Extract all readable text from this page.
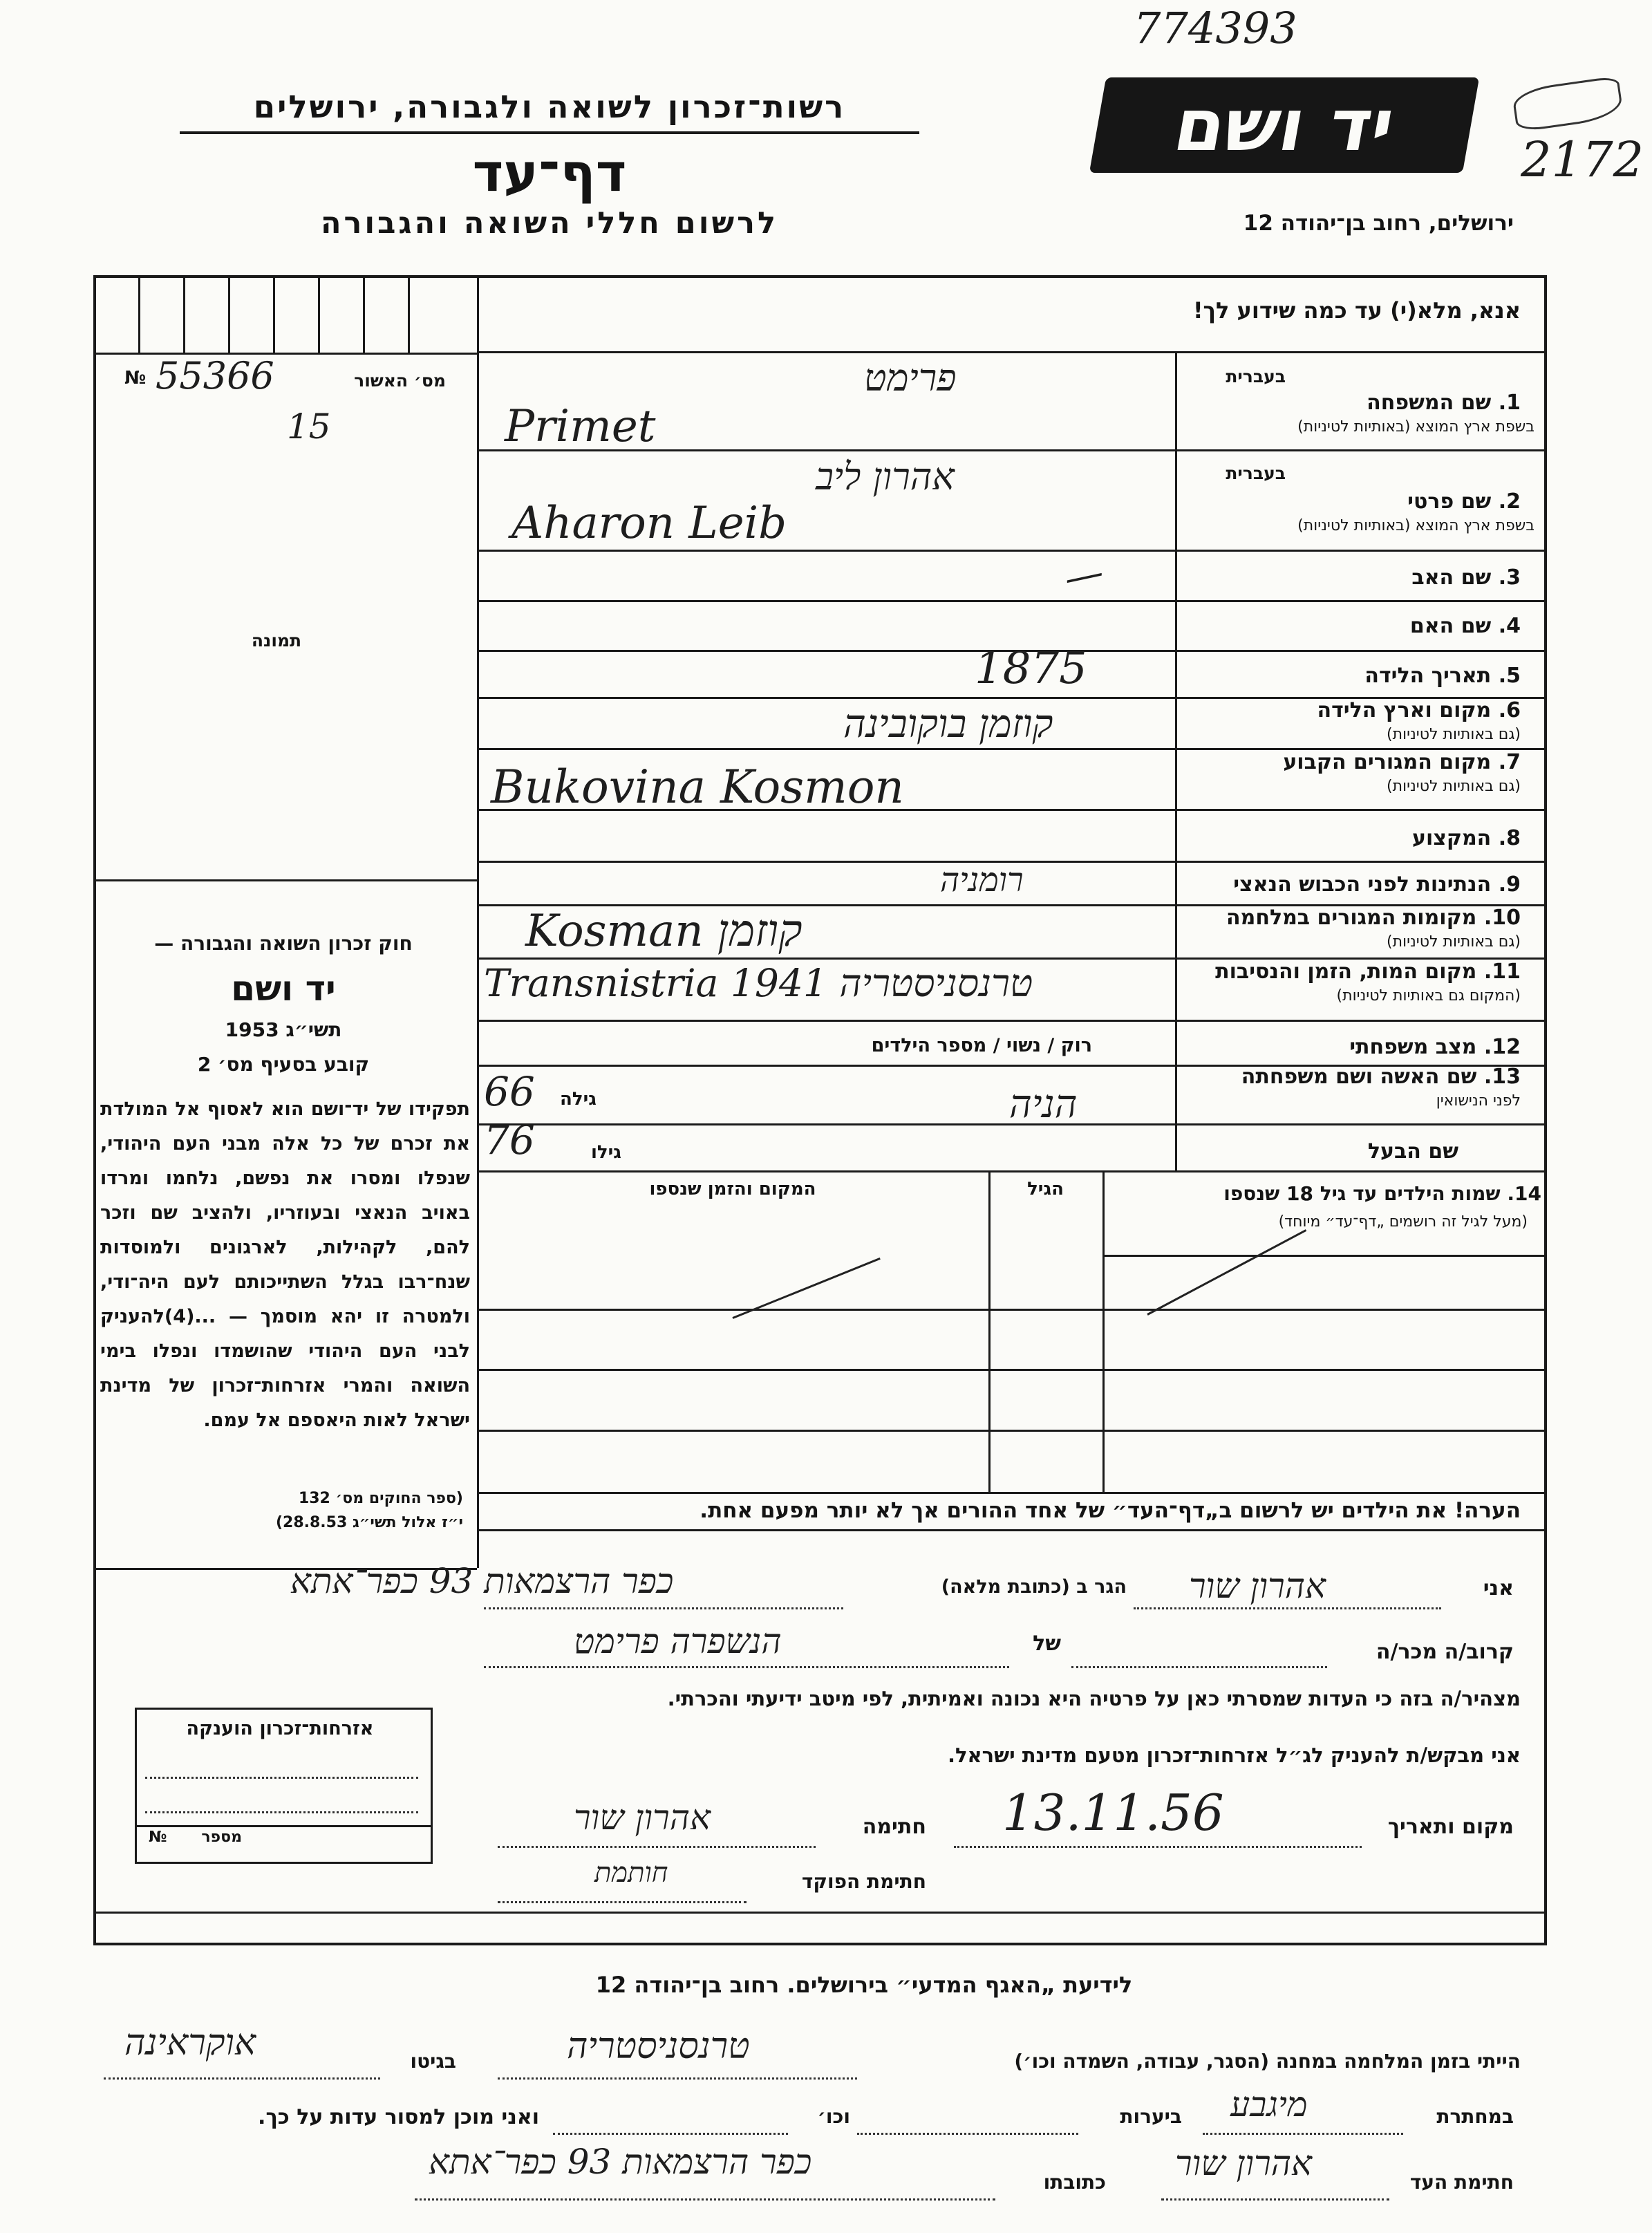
774393
2172
רשות־זכרון לשואה ולגבורה, ירושלים
דף־עד
לרשום חללי השואה והגבורה
יד ושם
ירושלים, רחוב בן־יהודה 12
מס׳ האשור
№ 55366
15
תמונה
חוק זכרון השואה והגבורה —
יד ושם
תשי״ג 1953
קובע בסעיף מס׳ 2
תפקידו של יד־ושם הוא לאסוף אל המולדת את זכרם של כל אלה מבני העם היהודי, שנפלו ומסרו את נפשם, נלחמו ומרדו באויב הנאצי ובעוזריו, ולהציב שם וזכר להם, לקהילות, לארגונים ולמוסדות שנח־רבו בגלל השתייכותם לעם היה־ודי, ולמטרה זו יהא מוסמך — ...(4)להעניק לבני העם היהודי שהושמדו ונפלו בימי השואה והמרי אזרחות־זכרון של מדינת ישראל לאות היאספם אל עמם.
(ספר החוקים מס׳ 132
י״ז אלול תשי״ג 28.8.53)
אנא, מלא(י) עד כמה שידוע לך!
בעברית
1. שם המשפחה
בשפת ארץ המוצא (באותיות לטיניות)
פרימט
Primet
בעברית
2. שם פרטי
בשפת ארץ המוצא (באותיות לטיניות)
אהרון ליב
Aharon Leib
3. שם האב
—
4. שם האם
5. תאריך הלידה
1875
6. מקום וארץ הלידה
(גם באותיות לטיניות)
קוזמן בוקובינה
7. מקום המגורים הקבוע
(גם באותיות לטיניות)
Bukovina Kosmon
8. המקצוע
9. הנתינות לפני הכבוש הנאצי
רומניה
10. מקומות המגורים במלחמה
(גם באותיות לטיניות)
Kosman קוזמן
11. מקום המות, הזמן והנסיבות
(המקום גם באותיות לטיניות)
Transnistria 1941 טרנסניסטריה
12. מצב משפחתי
רוק / נשוי / מספר הילדים
13. שם האשה ושם משפחתה
לפני הנישואין
הניה
גילה
66
שם הבעל
גילו
76
14. שמות הילדים עד גיל 18 שנספו
(מעל לגיל זה רושמים „דף־עד״ מיוחד)
הגיל
המקום והזמן שנספו
הערה! את הילדים יש לרשום ב„דף־העד״ של אחד ההורים אך לא יותר מפעם אחת.
אני
אהרון שור
הגר ב (כתובת מלאה)
כפר הרצמאות 93 כפר־אתא
קרוב/ה מכר/ה
של
הנשפרה פרימט
מצהיר/ה בזה כי העדות שמסרתי כאן על פרטיה היא נכונה ואמיתית, לפי מיטב ידיעתי והכרתי.
אני מבקש/ת להעניק לג״ל אזרחות־זכרון מטעם מדינת ישראל.
מקום ותאריך
13.11.56
חתימה
אהרון שור
חתימת הפוקד
חותמת
אזרחות־זכרון הוענקה
מספר
№
לידיעת „האגף המדעי״ בירושלים. רחוב בן־יהודה 12
הייתי בזמן המלחמה במחנה (הסגר, עבודה, השמדה וכו׳)
טרנסניסטריה
בגיטו
אוקראינה
במחתרת
מיגבע
ביערות
וכו׳
ואני מוכן למסור עדות על כך.
חתימת העד
אהרון שור
כתובתו
כפר הרצמאות 93 כפר־אתא
